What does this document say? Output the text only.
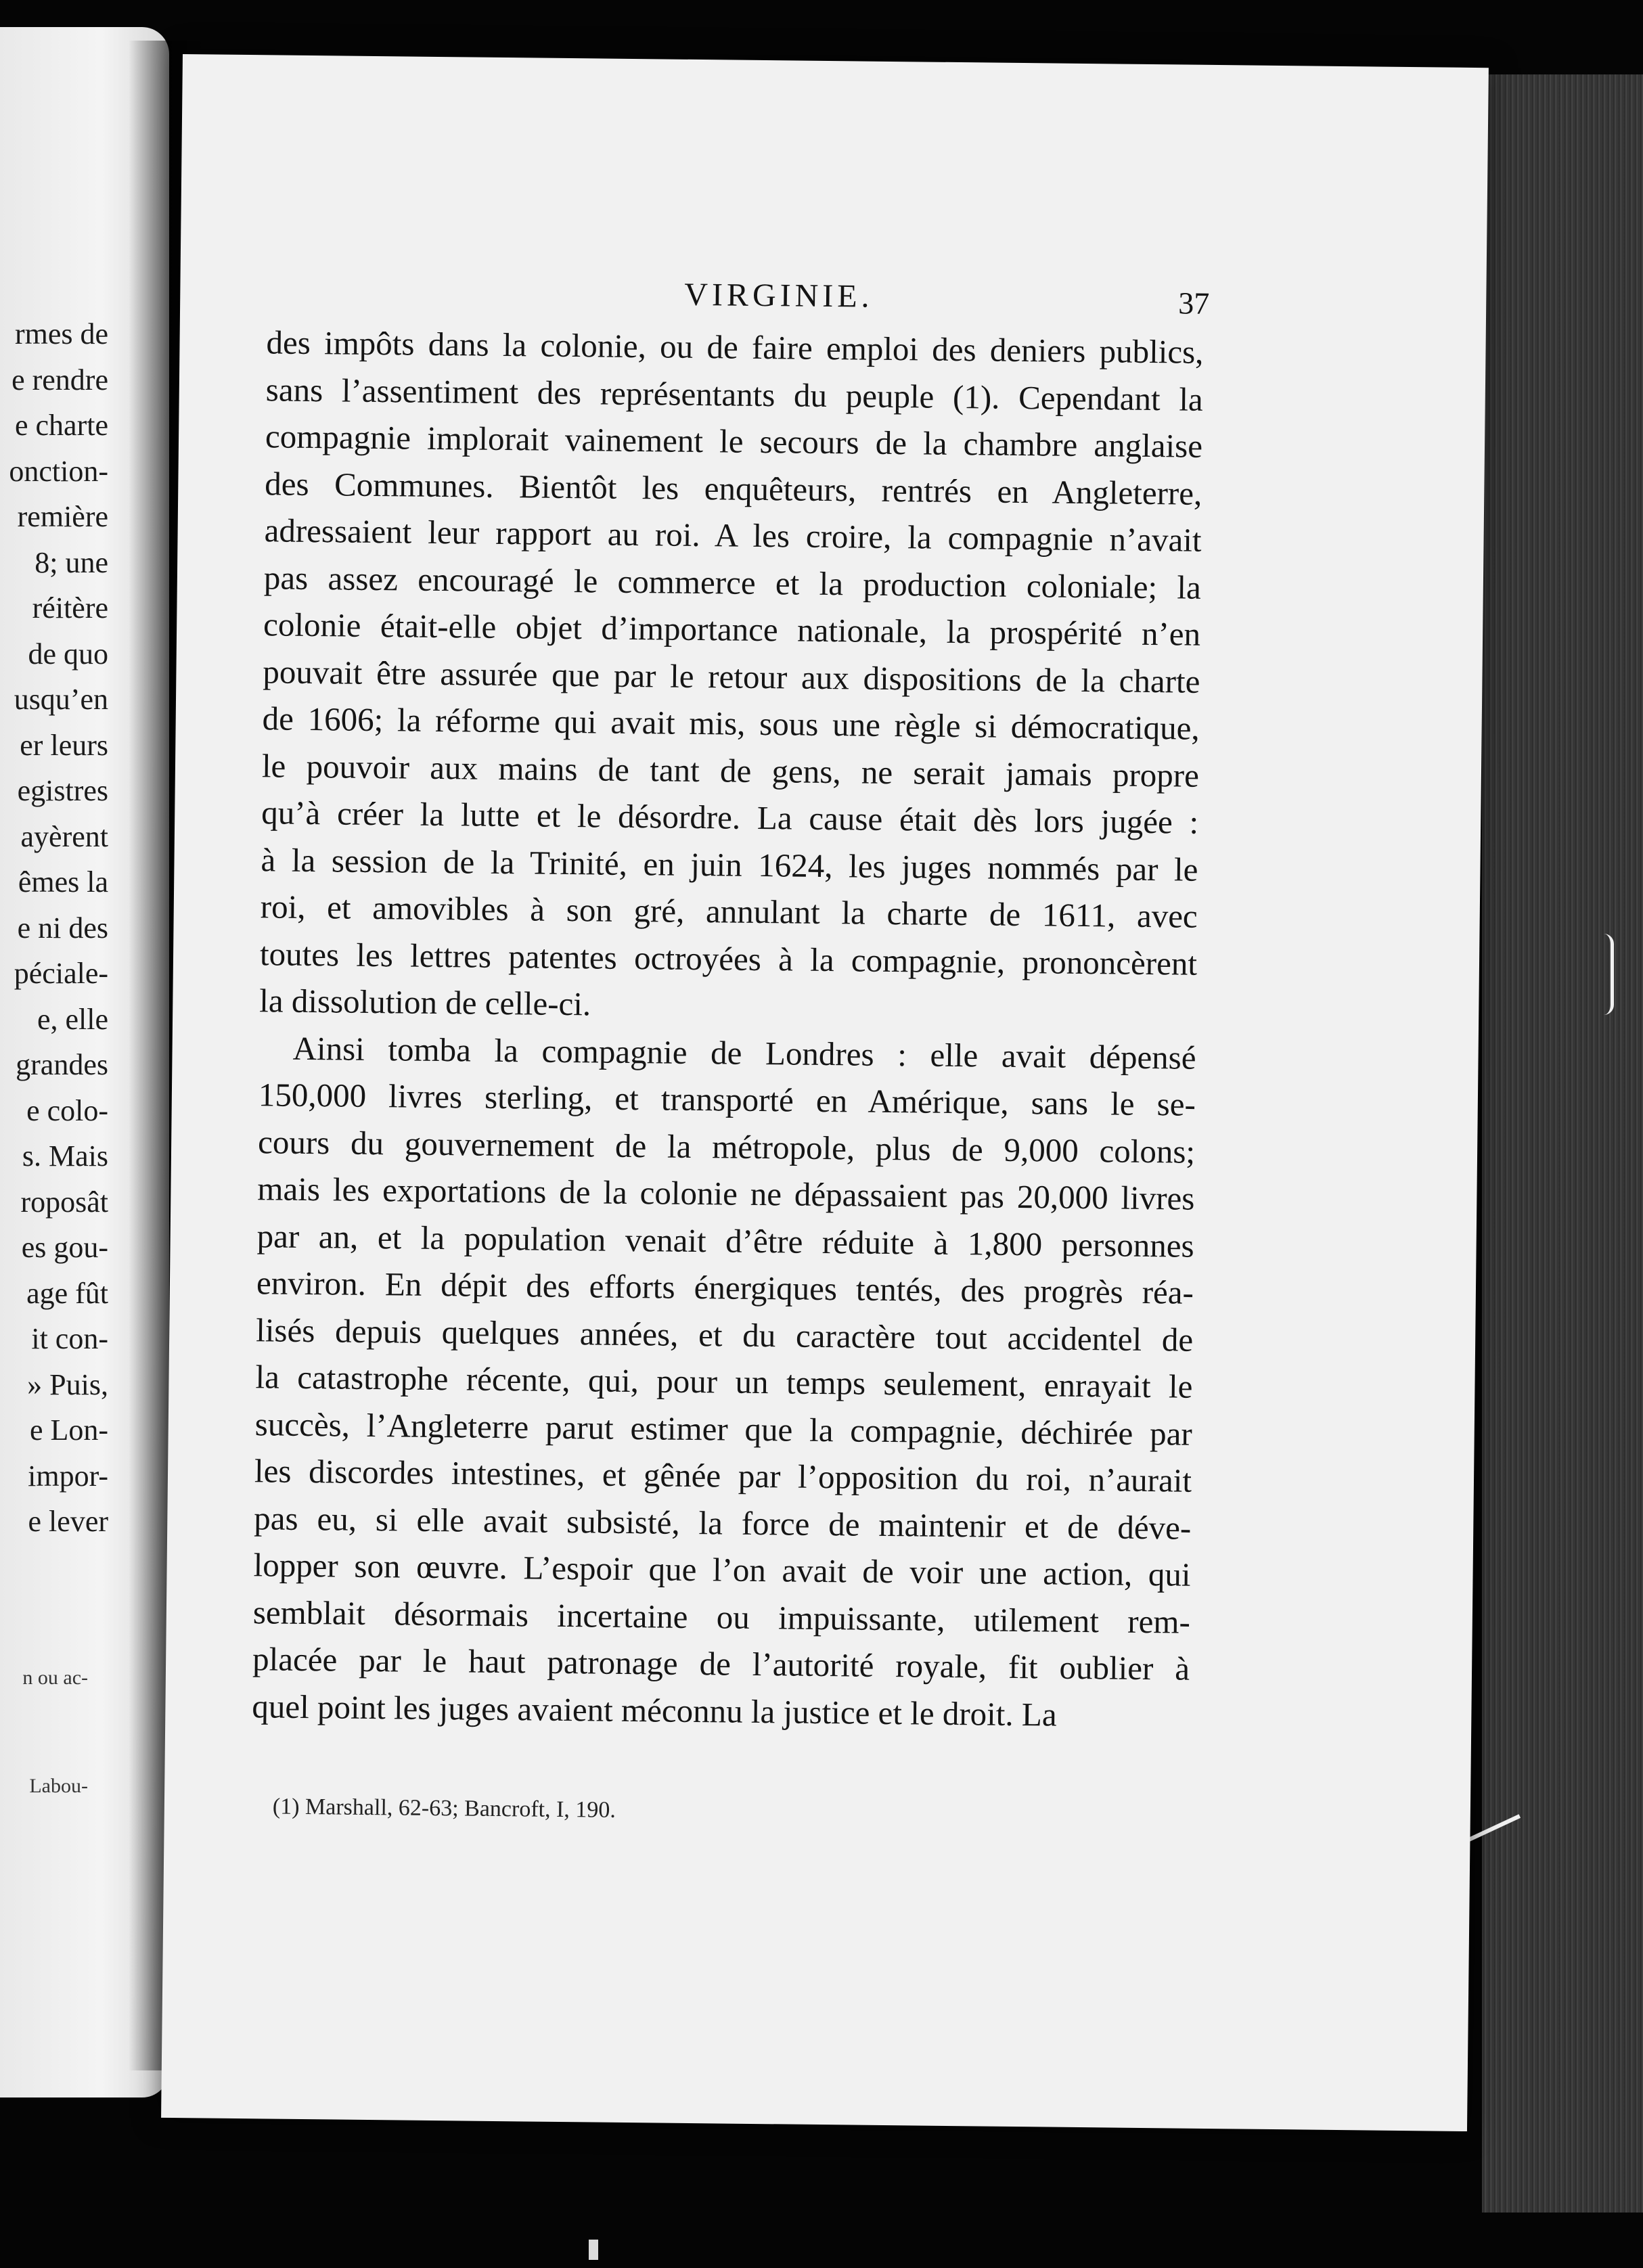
rmes de
e rendre
e charte
onction-
remière
8; une
réitère
de quo
usqu’en
er leurs
egistres
ayèrent
êmes la
e ni des
péciale-
e, elle
grandes
e colo-
s. Mais
roposât
es gou-
age fût
it con-
» Puis,
e Lon-
impor-
e lever
n ou ac-
Labou-
VIRGINIE.	37
des impôts dans la colonie, ou de faire emploi des deniers publics,
sans l’assentiment des représentants du peuple (1). Cependant la
compagnie implorait vainement le secours de la chambre anglaise
des Communes. Bientôt les enquêteurs, rentrés en Angleterre,
adressaient leur rapport au roi. A les croire, la compagnie n’avait
pas assez encouragé le commerce et la production coloniale; la
colonie était-elle objet d’importance nationale, la prospérité n’en
pouvait être assurée que par le retour aux dispositions de la charte
de 1606; la réforme qui avait mis, sous une règle si démocratique,
le pouvoir aux mains de tant de gens, ne serait jamais propre
qu’à créer la lutte et le désordre. La cause était dès lors jugée :
à la session de la Trinité, en juin 1624, les juges nommés par le
roi, et amovibles à son gré, annulant la charte de 1611, avec
toutes les lettres patentes octroyées à la compagnie, prononcèrent
la dissolution de celle-ci.
Ainsi tomba la compagnie de Londres : elle avait dépensé
150,000 livres sterling, et transporté en Amérique, sans le se-
cours du gouvernement de la métropole, plus de 9,000 colons;
mais les exportations de la colonie ne dépassaient pas 20,000 livres
par an, et la population venait d’être réduite à 1,800 personnes
environ. En dépit des efforts énergiques tentés, des progrès réa-
lisés depuis quelques années, et du caractère tout accidentel de
la catastrophe récente, qui, pour un temps seulement, enrayait le
succès, l’Angleterre parut estimer que la compagnie, déchirée par
les discordes intestines, et gênée par l’opposition du roi, n’aurait
pas eu, si elle avait subsisté, la force de maintenir et de déve-
lopper son œuvre. L’espoir que l’on avait de voir une action, qui
semblait désormais incertaine ou impuissante, utilement rem-
placée par le haut patronage de l’autorité royale, fit oublier à
quel point les juges avaient méconnu la justice et le droit. La
(1) Marshall, 62-63; Bancroft, I, 190.
